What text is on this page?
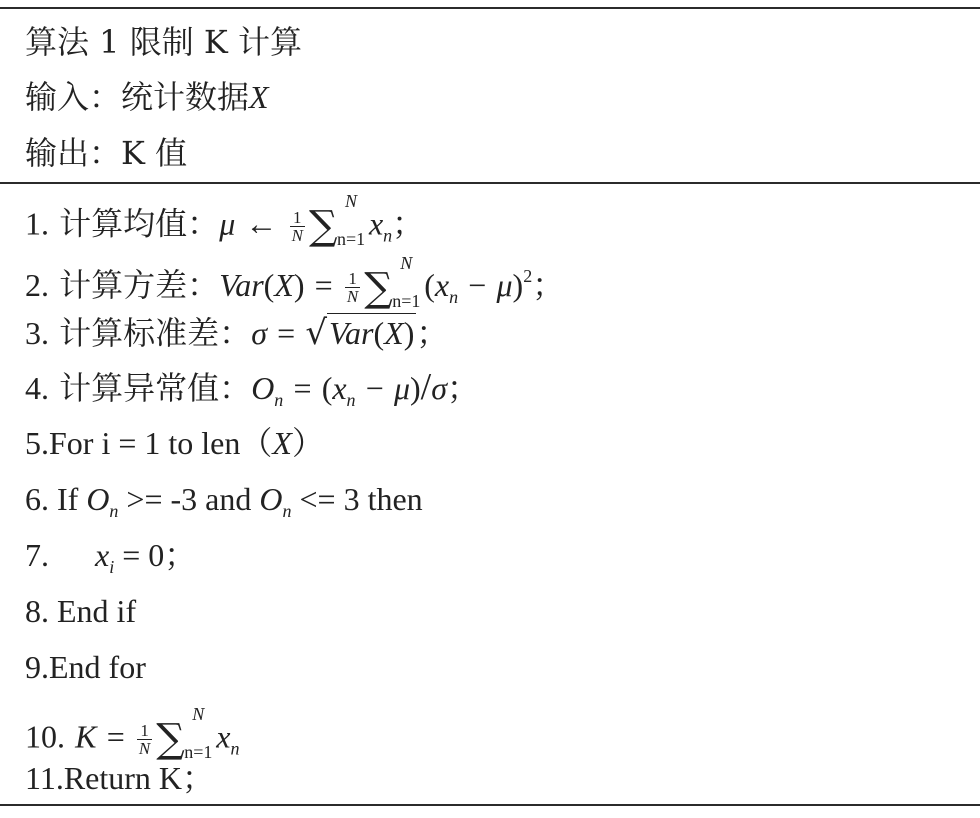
算法 1 限制 K 计算
输入：统计数据X
输出：K 值
1. 计算均值：μ ← $\frac{1}{N}$ ∑
N
n=1 $x_n$；
2. 计算方差：$Var(X) = \frac{1}{N}$ ∑
N
n=1 $(x_n - \mu)^2$；
3. 计算标准差：σ = √Var(X)；
4. 计算异常值：$O_n = (x_n - \mu)/\sigma$；
5.For i = 1 to len（X）
6. If $O_n >= -3$ and $O_n <= 3$ then
7. $x_i = 0$；
8. End if
9.End for
10. $K = \frac{1}{N}$ ∑
N
n=1 $x_n$
11.Return K；
